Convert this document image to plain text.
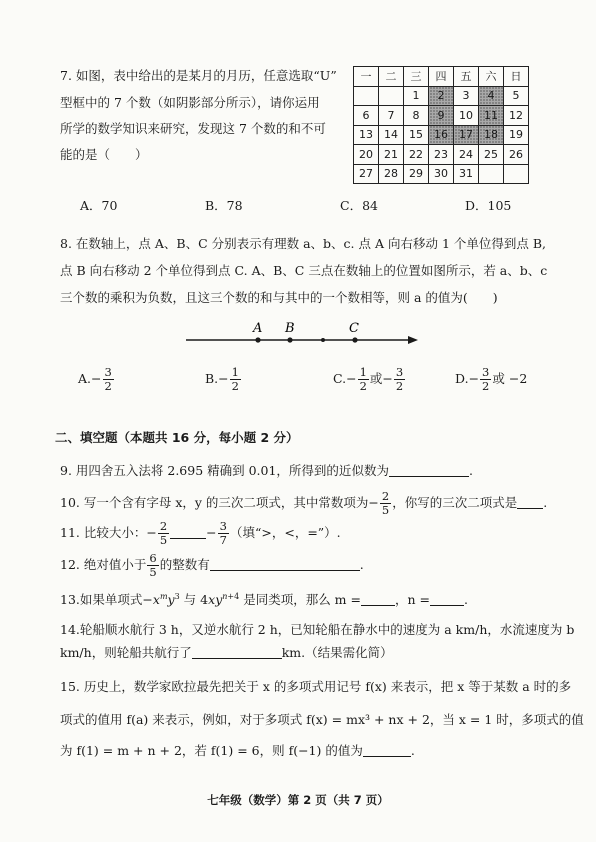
7. 如图，表中给出的是某月的月历，任意选取“U”
型框中的 7 个数（如阴影部分所示），请你运用
所学的数学知识来研究，发现这 7 个数的和不可
能的是（　　）
一	二	三	四	五	六	日
		1	2	3	4	5
6	7	8	9	10	11	12
13	14	15	16	17	18	19
20	21	22	23	24	25	26
27	28	29	30	31		
A．70	B．78	C．84	D．105
8. 在数轴上，点 A、B、C 分别表示有理数 a、b、c. 点 A 向右移动 1 个单位得到点 B,
点 B 向右移动 2 个单位得到点 C. A、B、C 三点在数轴上的位置如图所示，若 a、b、c
三个数的乘积为负数，且这三个数的和与其中的一个数相等，则 a 的值为(　　)
A B	C
$A.- \frac{3}{2}$	$B.- \frac{1}{2}$	$C.- \frac{1}{2}$ 或− $\frac{3}{2}$	$D.- \frac{3}{2}$ 或 −2
二、填空题（本题共 16 分，每小题 2 分）
9. 用四舍五入法将 2.695 精确到 0.01，所得到的近似数为	.
10. 写一个含有字母 x，y 的三次二项式，其中常数项为− $\frac{2}{5}$ ，你写的三次二项式是 .
11. 比较大小：− $\frac{2}{5}$	− $\frac{3}{7}$ （填“>，<，=”）.
12. 绝对值小于 $\frac{6}{5}$ 的整数有	.
13.如果单项式$-x^my^3$ 与 $4xy^{n+4}$ 是同类项，那么 m =	，n =	.
14.轮船顺水航行 3 h，又逆水航行 2 h，已知轮船在静水中的速度为 a km/h，水流速度为 b
km/h，则轮船共航行了	km.（结果需化简）
15. 历史上，数学家欧拉最先把关于 x 的多项式用记号 f(x) 来表示，把 x 等于某数 a 时的多
项式的值用 f(a) 来表示，例如，对于多项式 f(x) = mx³ + nx + 2，当 x = 1 时，多项式的值
为 f(1) = m + n + 2，若 f(1) = 6，则 f(−1) 的值为	.
七年级（数学）第 2 页（共 7 页）
